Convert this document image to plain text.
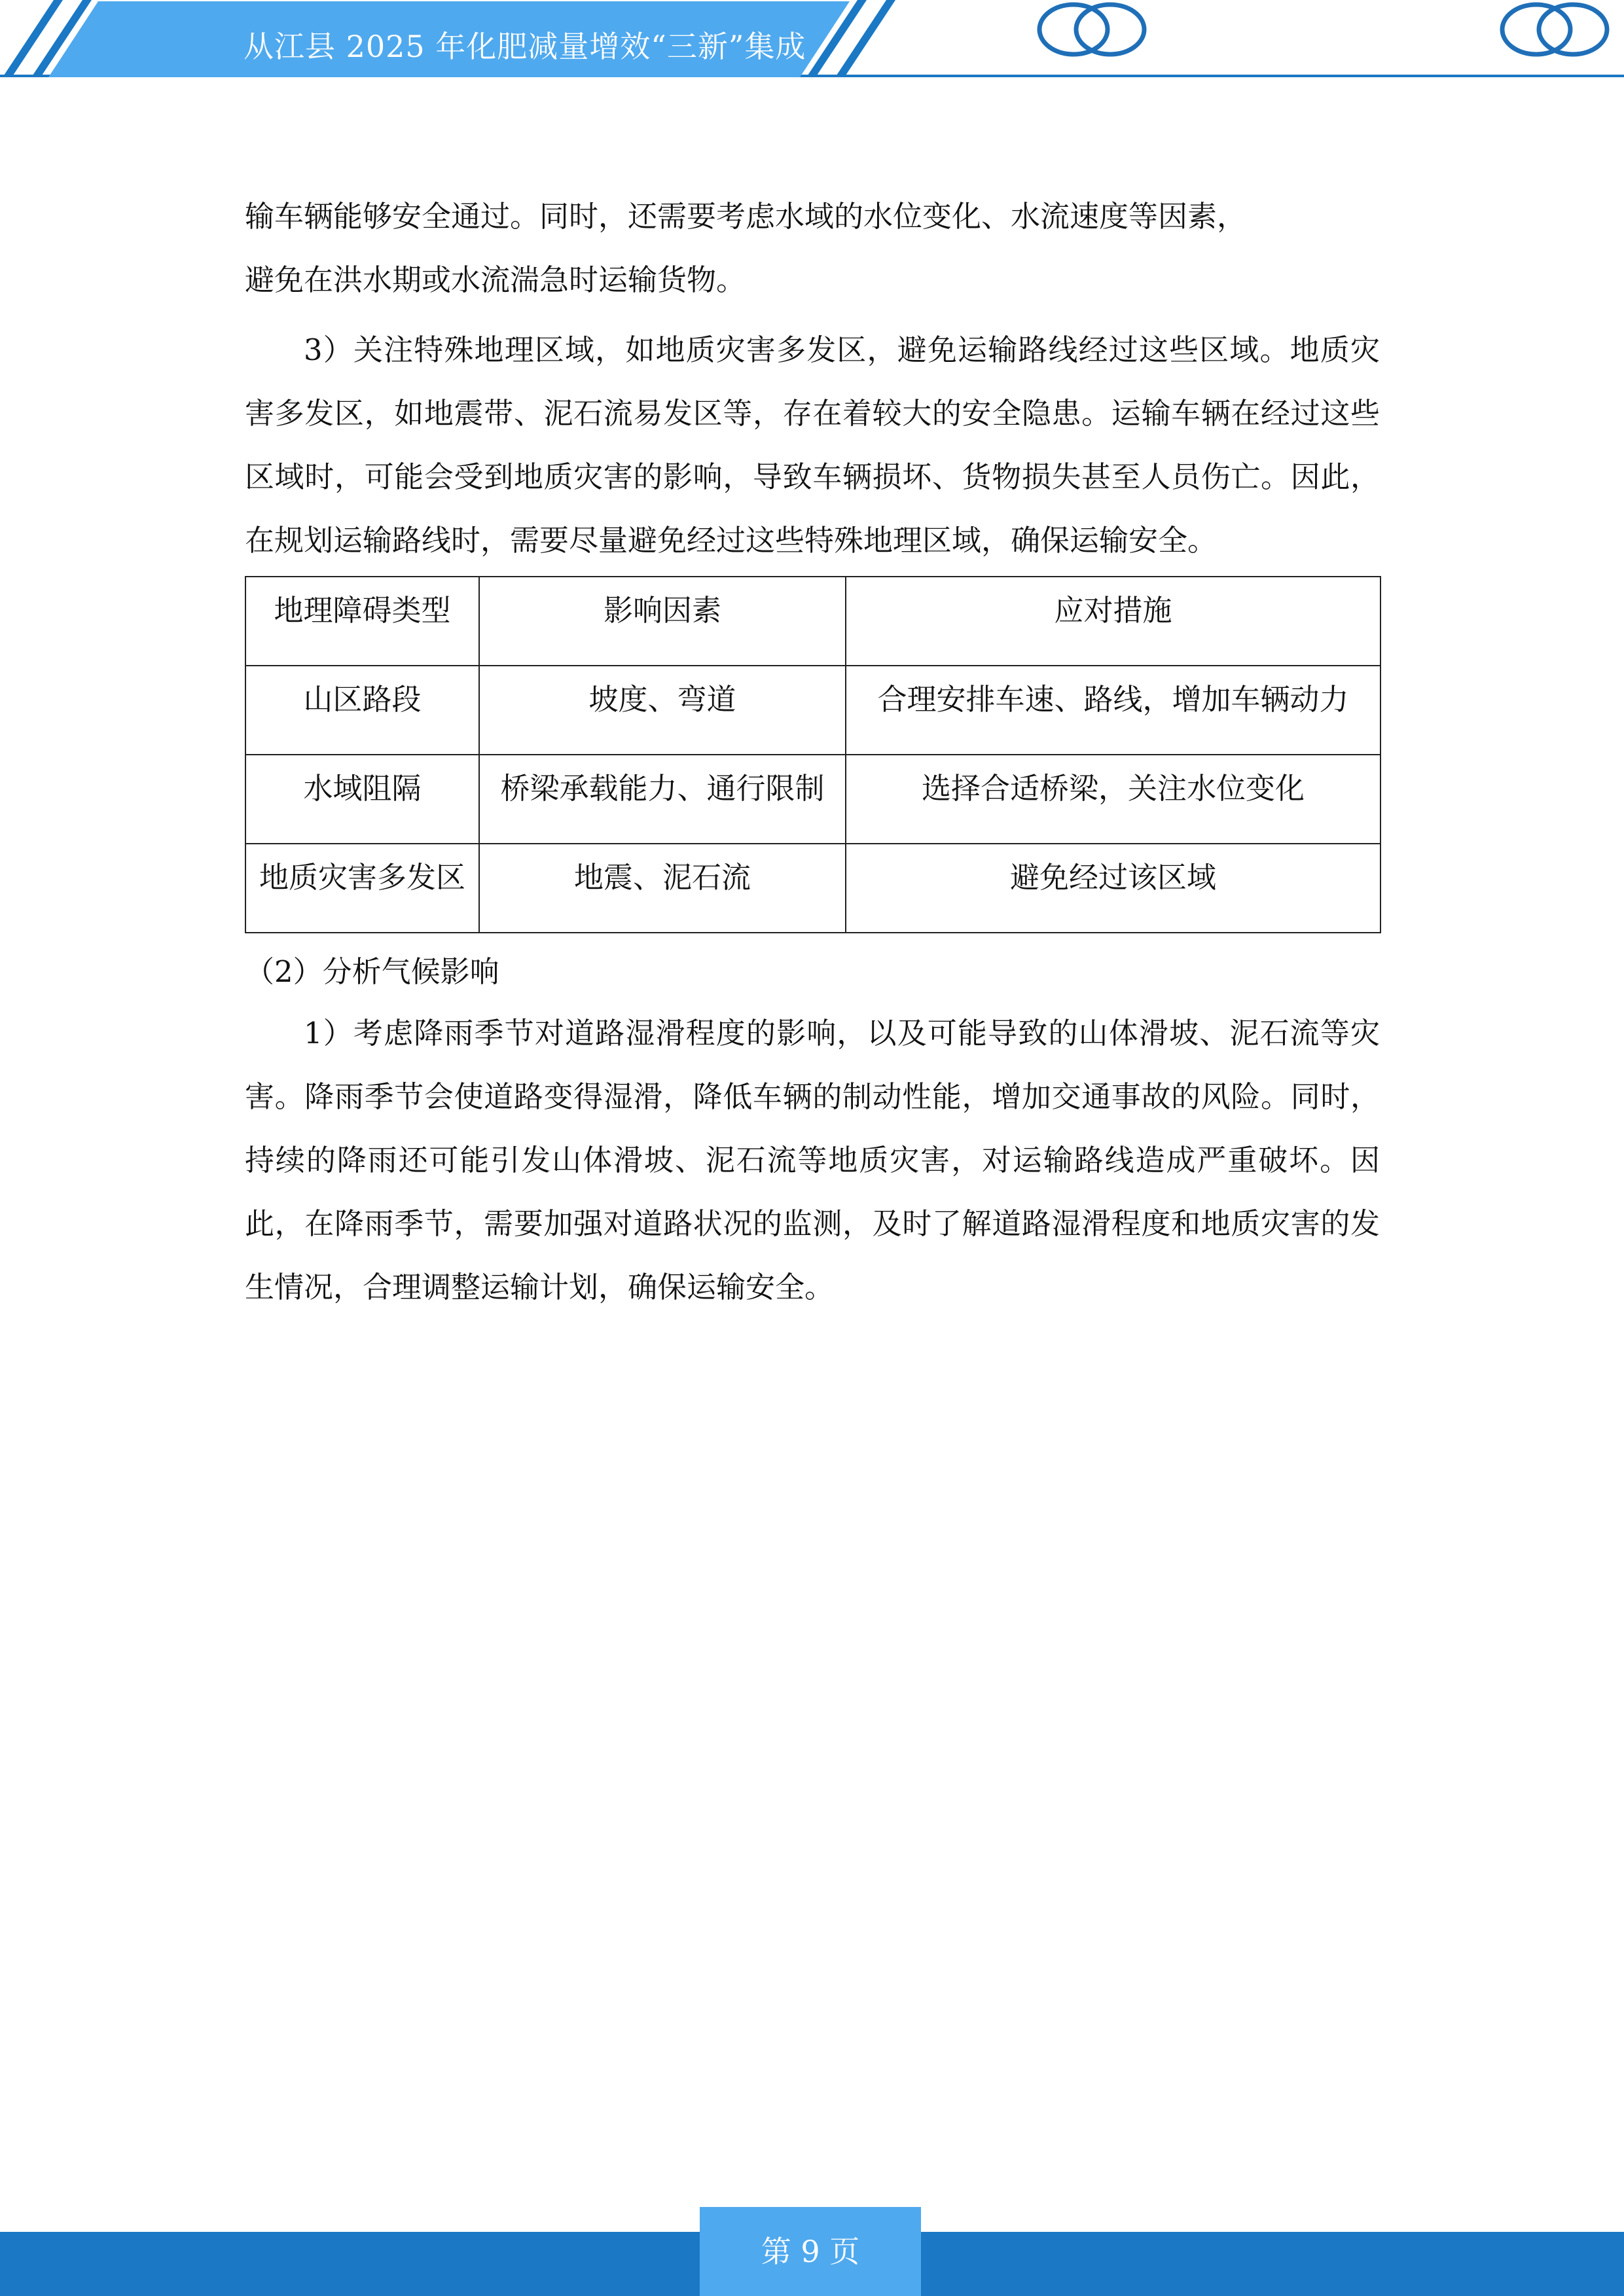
从江县 2025 年化肥减量增效“三新”集成

输车辆能够安全通过。同时，还需要考虑水域的水位变化、水流速度等因素，

避免在洪水期或水流湍急时运输货物。

3）关注特殊地理区域，如地质灾害多发区，避免运输路线经过这些区域。地质灾害多发区，如地震带、泥石流易发区等，存在着较大的安全隐患。运输车辆在经过这些区域时，可能会受到地质灾害的影响，导致车辆损坏、货物损失甚至人员伤亡。因此，在规划运输路线时，需要尽量避免经过这些特殊地理区域，确保运输安全。

地理障碍类型	影响因素	应对措施
山区路段	坡度、弯道	合理安排车速、路线，增加车辆动力
水域阻隔	桥梁承载能力、通行限制	选择合适桥梁，关注水位变化
地质灾害多发区	地震、泥石流	避免经过该区域

（2）分析气候影响

1）考虑降雨季节对道路湿滑程度的影响，以及可能导致的山体滑坡、泥石流等灾害。降雨季节会使道路变得湿滑，降低车辆的制动性能，增加交通事故的风险。同时，持续的降雨还可能引发山体滑坡、泥石流等地质灾害，对运输路线造成严重破坏。因此，在降雨季节，需要加强对道路状况的监测，及时了解道路湿滑程度和地质灾害的发生情况，合理调整运输计划，确保运输安全。

第 9 页
